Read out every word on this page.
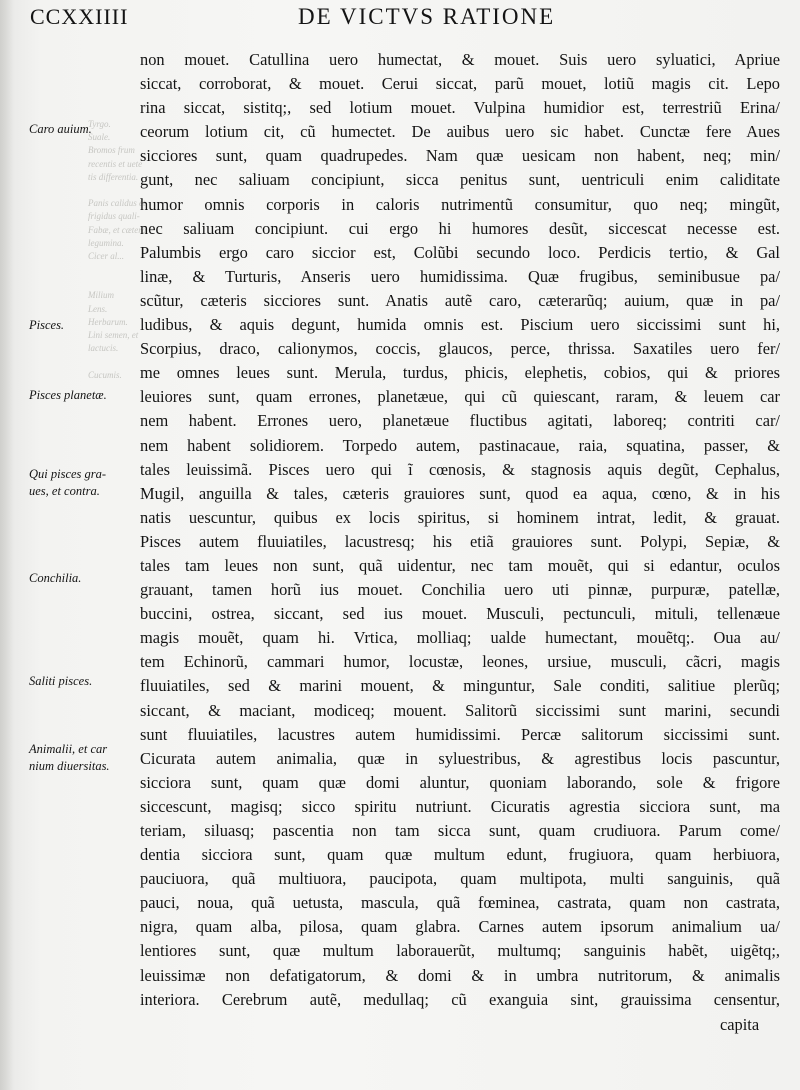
CCXXIIII	DE VICTVS RATIONE
Tyrgo.
Suale.
Bromos frum
recentis et uete
tis differentia.
Panis calidus et
frigidus quali-
Fabæ, et cætera
legumina.
Cicer al...
Milium
Lens.
Herbarum.
Lini semen, et
lactucis.
Cucumis.
Caro auium.
Pisces.
Pisces planetæ.
Qui pisces gra-
ues, et contra.
Conchilia.
Saliti pisces.
Animalii, et car
nium diuersitas.
non mouet. Catullina uero humectat, & mouet. Suis uero syluatici, Apriue
siccat, corroborat, & mouet. Cerui siccat, parũ mouet, lotiũ magis cit. Lepo
rina siccat, sistitq;, sed lotium mouet. Vulpina humidior est, terrestriũ Erina/
ceorum lotium cit, cũ humectet. De auibus uero sic habet. Cunctæ fere Aues
sicciores sunt, quam quadrupedes. Nam quæ uesicam non habent, neq; min/
gunt, nec saliuam concipiunt, sicca penitus sunt, uentriculi enim caliditate
humor omnis corporis in caloris nutrimentũ consumitur, quo neq; mingũt,
nec saliuam concipiunt. cui ergo hi humores desũt, siccescat necesse est.
Palumbis ergo caro siccior est, Colũbi secundo loco. Perdicis tertio, & Gal
linæ, & Turturis, Anseris uero humidissima. Quæ frugibus, seminibusue pa/
scũtur, cæteris sicciores sunt. Anatis autẽ caro, cæterarũq; auium, quæ in pa/
ludibus, & aquis degunt, humida omnis est. Piscium uero siccissimi sunt hi,
Scorpius, draco, calionymos, coccis, glaucos, perce, thrissa. Saxatiles uero fer/
me omnes leues sunt. Merula, turdus, phicis, elephetis, cobios, qui & priores
leuiores sunt, quam errones, planetæue, qui cũ quiescant, raram, & leuem car
nem habent. Errones uero, planetæue fluctibus agitati, laboreq; contriti car/
nem habent solidiorem. Torpedo autem, pastinacaue, raia, squatina, passer, &
tales leuissimã. Pisces uero qui ĩ cœnosis, & stagnosis aquis degũt, Cephalus,
Mugil, anguilla & tales, cæteris grauiores sunt, quod ea aqua, cœno, & in his
natis uescuntur, quibus ex locis spiritus, si hominem intrat, ledit, & grauat.
Pisces autem fluuiatiles, lacustresq; his etiã grauiores sunt. Polypi, Sepiæ, &
tales tam leues non sunt, quã uidentur, nec tam mouẽt, qui si edantur, oculos
grauant, tamen horũ ius mouet. Conchilia uero uti pinnæ, purpuræ, patellæ,
buccini, ostrea, siccant, sed ius mouet. Musculi, pectunculi, mituli, tellenæue
magis mouẽt, quam hi. Vrtica, molliaq; ualde humectant, mouẽtq;. Oua au/
tem Echinorũ, cammari humor, locustæ, leones, ursiue, musculi, cãcri, magis
fluuiatiles, sed & marini mouent, & minguntur, Sale conditi, salitiue plerũq;
siccant, & maciant, modiceq; mouent. Salitorũ siccissimi sunt marini, secundi
sunt fluuiatiles, lacustres autem humidissimi. Percæ salitorum siccissimi sunt.
Cicurata autem animalia, quæ in syluestribus, & agrestibus locis pascuntur,
sicciora sunt, quam quæ domi aluntur, quoniam laborando, sole & frigore
siccescunt, magisq; sicco spiritu nutriunt. Cicuratis agrestia sicciora sunt, ma
teriam, siluasq; pascentia non tam sicca sunt, quam crudiuora. Parum come/
dentia sicciora sunt, quam quæ multum edunt, frugiuora, quam herbiuora,
pauciuora, quã multiuora, paucipota, quam multipota, multi sanguinis, quã
pauci, noua, quã uetusta, mascula, quã fœminea, castrata, quam non castrata,
nigra, quam alba, pilosa, quam glabra. Carnes autem ipsorum animalium ua/
lentiores sunt, quæ multum laborauerũt, multumq; sanguinis habẽt, uigẽtq;,
leuissimæ non defatigatorum, & domi & in umbra nutritorum, & animalis
interiora. Cerebrum autẽ, medullaq; cũ exanguia sint, grauissima censentur,
capita
